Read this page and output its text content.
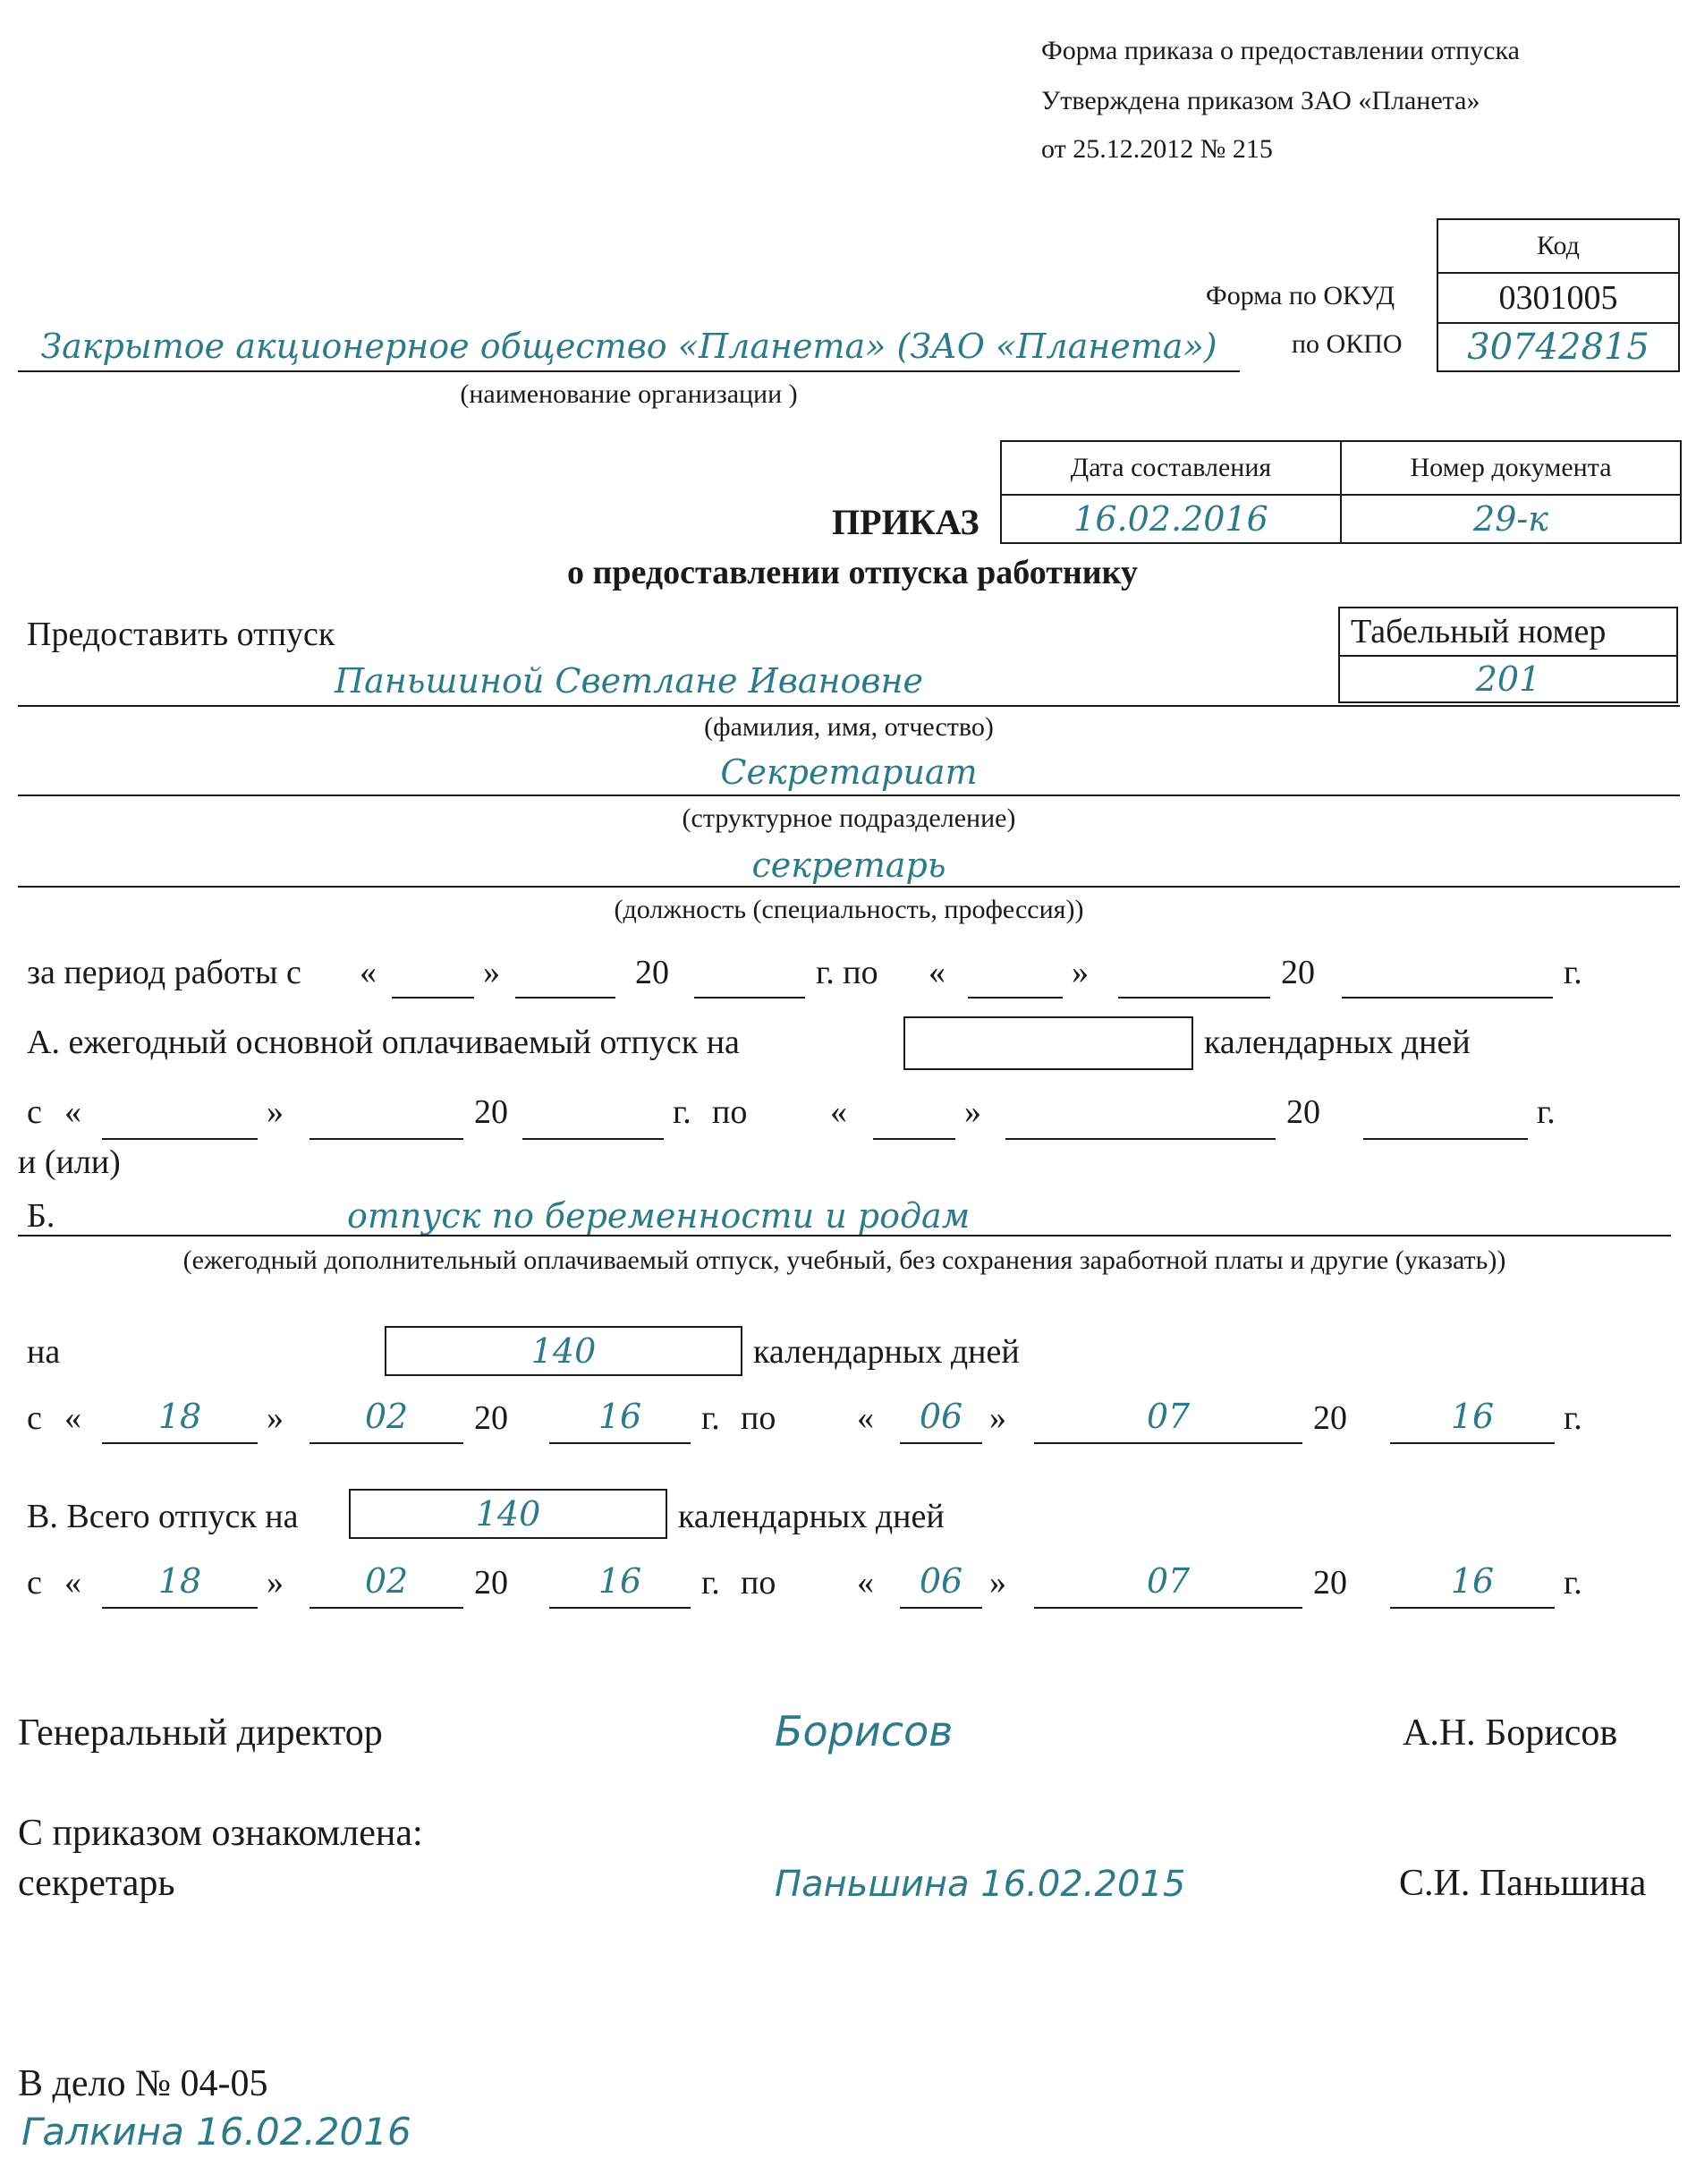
Форма приказа о предоставлении отпуска
Утверждена приказом ЗАО «Планета»
от 25.12.2012 № 215
Код
Форма по ОКУД	0301005
по ОКПО 30742815
Закрытое акционерное общество «Планета» (ЗАО «Планета»)
(наименование организации )
Дата составления	Номер документа
16.02.2016	29-к
ПРИКАЗ
о предоставлении отпуска работнику
Предоставить отпуск	Табельный номер
201
Паньшиной Светлане Ивановне
(фамилия, имя, отчество)
Секретариат
(структурное подразделение)
секретарь
(должность (специальность, профессия))
за период работы с «	»	20	г. по «	»	20	г.
А. ежегодный основной оплачиваемый отпуск на	календарных дней
с «	»	20	г. по «	»	20	г.
и (или)
Б.	отпуск по беременности и родам
(ежегодный дополнительный оплачиваемый отпуск, учебный, без сохранения заработной платы и другие (указать))
на	140	календарных дней
с «	18	»	02	20	16	г. по «	06 »	07	20	16	г.
В. Всего отпуск на	140	календарных дней
с «	18	»	02	20	16	г. по «	06 »	07	20	16	г.
Генеральный директор	Борисов	А.Н. Борисов
С приказом ознакомлена:
секретарь	Паньшина 16.02.2015	С.И. Паньшина
В дело № 04-05
Галкина 16.02.2016
